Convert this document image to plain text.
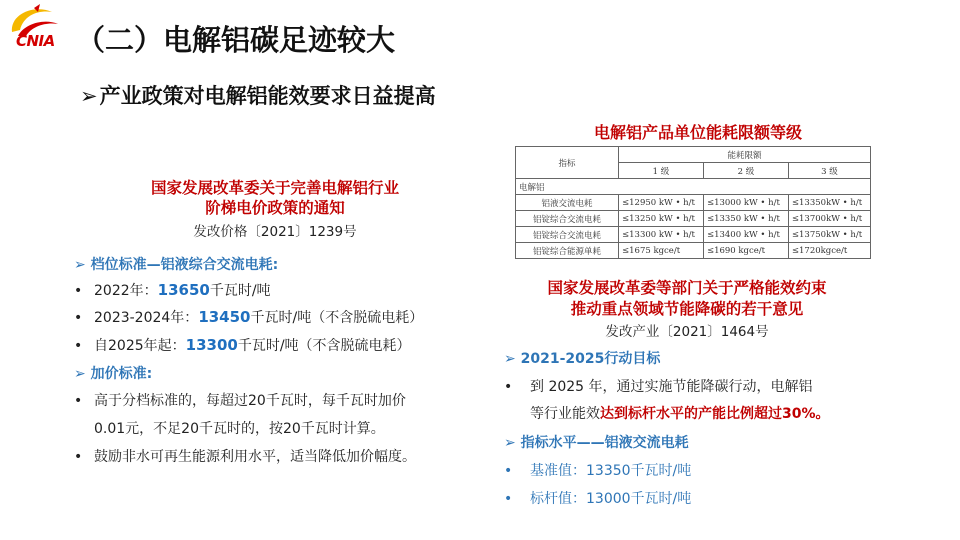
CNIA （二）电解铝碳足迹较大
➢产业政策对电解铝能效要求日益提高
国家发展改革委关于完善电解铝行业
阶梯电价政策的通知
发改价格〔2021〕1239号
➢ 档位标准—铝液综合交流电耗:
• 2022年：13650千瓦时/吨
• 2023-2024年：13450千瓦时/吨（不含脱硫电耗）
• 自2025年起：13300千瓦时/吨（不含脱硫电耗）
➢ 加价标准:
• 高于分档标准的，每超过20千瓦时，每千瓦时加价
0.01元，不足20千瓦时的，按20千瓦时计算。
• 鼓励非水可再生能源利用水平，适当降低加价幅度。
电解铝产品单位能耗限额等级
指标	能耗限额		
	1 级	2 级	3 级
电解铝			
铝液交流电耗	≤12950 kW • h/t	≤13000 kW • h/t	≤13350kW • h/t
铝锭综合交流电耗	≤13250 kW • h/t	≤13350 kW • h/t	≤13700kW • h/t
铝锭综合交流电耗	≤13300 kW • h/t	≤13400 kW • h/t	≤13750kW • h/t
铝锭综合能源单耗	≤1675 kgce/t	≤1690 kgce/t	≤1720kgce/t
国家发展改革委等部门关于严格能效约束
推动重点领域节能降碳的若干意见
发改产业〔2021〕1464号
➢ 2021-2025行动目标
• 到 2025 年，通过实施节能降碳行动，电解铝
等行业能效达到标杆水平的产能比例超过30%。
➢ 指标水平——铝液交流电耗
• 基准值：13350千瓦时/吨
• 标杆值：13000千瓦时/吨
